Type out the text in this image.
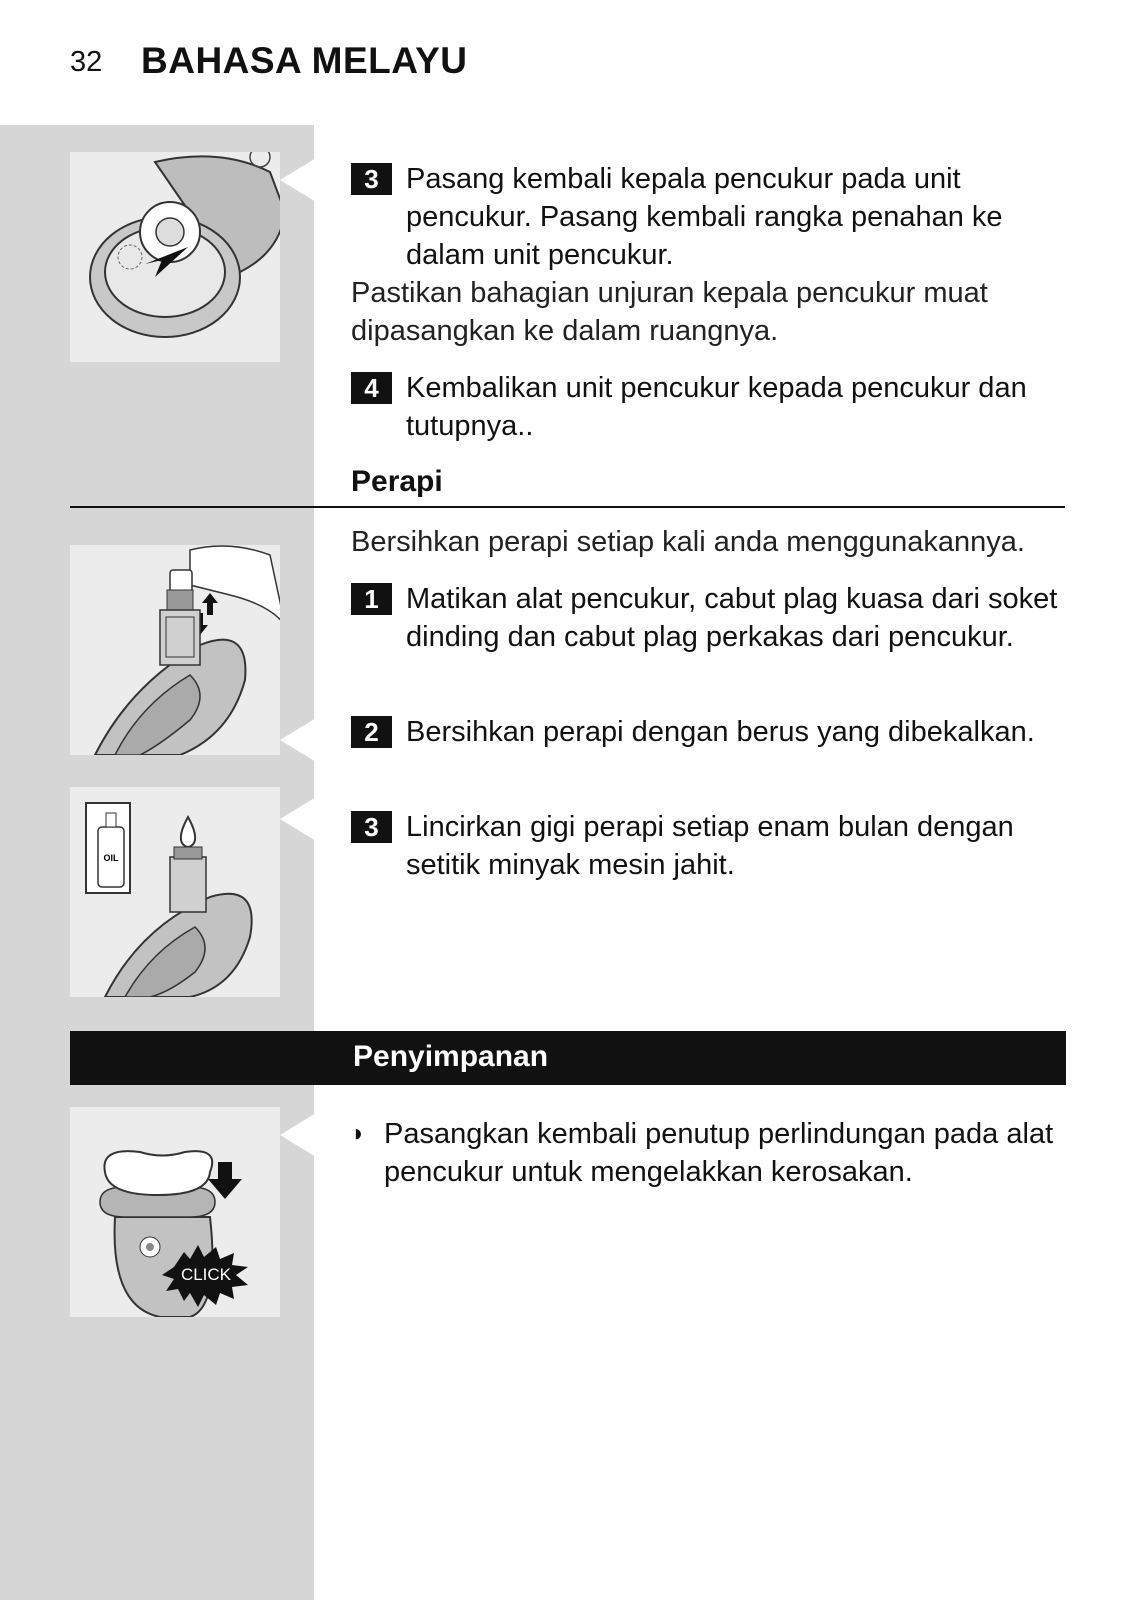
32 BAHASA MELAYU
3 Pasang kembali kepala pencukur pada unit pencukur. Pasang kembali rangka penahan ke dalam unit pencukur.
Pastikan bahagian unjuran kepala pencukur muat dipasangkan ke dalam ruangnya.
4 Kembalikan unit pencukur kepada pencukur dan tutupnya..
Perapi
Bersihkan perapi setiap kali anda menggunakannya.
1 Matikan alat pencukur, cabut plag kuasa dari soket dinding dan cabut plag perkakas dari pencukur.
2 Bersihkan perapi dengan berus yang dibekalkan.
OIL
3 Lincirkan gigi perapi setiap enam bulan dengan setitik minyak mesin jahit.
Penyimpanan
CLICK
◗ Pasangkan kembali penutup perlindungan pada alat pencukur untuk mengelakkan kerosakan.
